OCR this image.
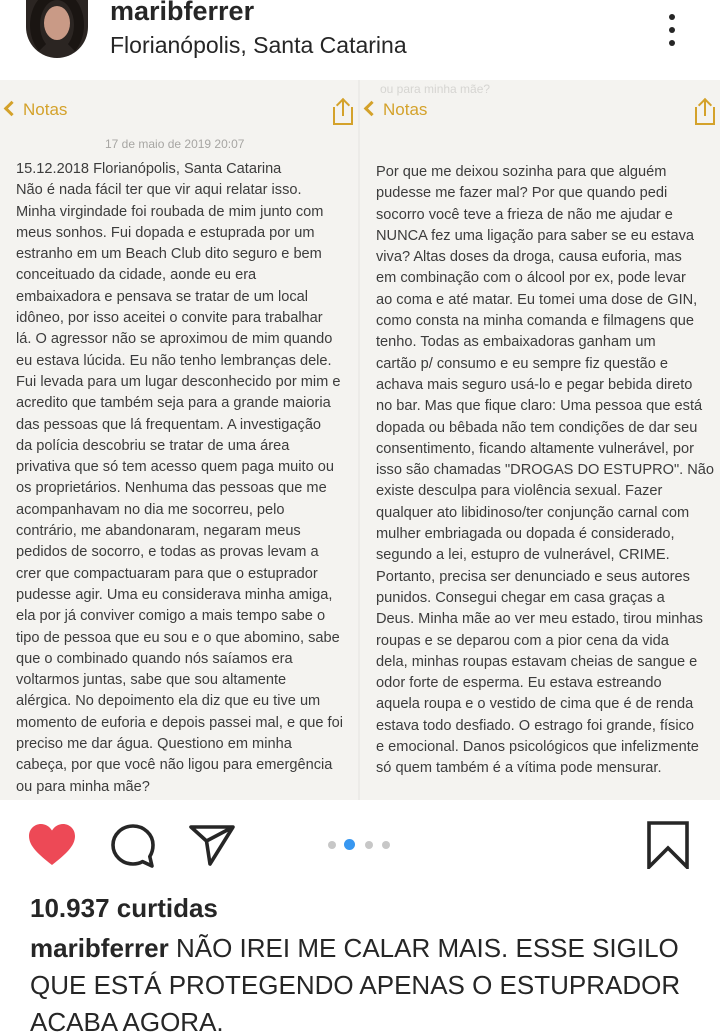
maribferrer
Florianópolis, Santa Catarina
ou para minha mãe?
Notas
17 de maio de 2019 20:07
15.12.2018 Florianópolis, Santa Catarina
Não é nada fácil ter que vir aqui relatar isso.
Minha virgindade foi roubada de mim junto com
meus sonhos. Fui dopada e estuprada por um
estranho em um Beach Club dito seguro e bem
conceituado da cidade, aonde eu era
embaixadora e pensava se tratar de um local
idôneo, por isso aceitei o convite para trabalhar
lá. O agressor não se aproximou de mim quando
eu estava lúcida. Eu não tenho lembranças dele.
Fui levada para um lugar desconhecido por mim e
acredito que também seja para a grande maioria
das pessoas que lá frequentam. A investigação
da polícia descobriu se tratar de uma área
privativa que só tem acesso quem paga muito ou
os proprietários. Nenhuma das pessoas que me
acompanhavam no dia me socorreu, pelo
contrário, me abandonaram, negaram meus
pedidos de socorro, e todas as provas levam a
crer que compactuaram para que o estuprador
pudesse agir. Uma eu considerava minha amiga,
ela por já conviver comigo a mais tempo sabe o
tipo de pessoa que eu sou e o que abomino, sabe
que o combinado quando nós saíamos era
voltarmos juntas, sabe que sou altamente
alérgica. No depoimento ela diz que eu tive um
momento de euforia e depois passei mal, e que foi
preciso me dar água. Questiono em minha
cabeça, por que você não ligou para emergência
ou para minha mãe?
Notas
Por que me deixou sozinha para que alguém
pudesse me fazer mal? Por que quando pedi
socorro você teve a frieza de não me ajudar e
NUNCA fez uma ligação para saber se eu estava
viva? Altas doses da droga, causa euforia, mas
em combinação com o álcool por ex, pode levar
ao coma e até matar. Eu tomei uma dose de GIN,
como consta na minha comanda e filmagens que
tenho. Todas as embaixadoras ganham um
cartão p/ consumo e eu sempre fiz questão e
achava mais seguro usá-lo e pegar bebida direto
no bar. Mas que fique claro: Uma pessoa que está
dopada ou bêbada não tem condições de dar seu
consentimento, ficando altamente vulnerável, por
isso são chamadas "DROGAS DO ESTUPRO". Não
existe desculpa para violência sexual. Fazer
qualquer ato libidinoso/ter conjunção carnal com
mulher embriagada ou dopada é considerado,
segundo a lei, estupro de vulnerável, CRIME.
Portanto, precisa ser denunciado e seus autores
punidos. Consegui chegar em casa graças a
Deus. Minha mãe ao ver meu estado, tirou minhas
roupas e se deparou com a pior cena da vida
dela, minhas roupas estavam cheias de sangue e
odor forte de esperma. Eu estava estreando
aquela roupa e o vestido de cima que é de renda
estava todo desfiado. O estrago foi grande, físico
e emocional. Danos psicológicos que infelizmente
só quem também é a vítima pode mensurar.
10.937 curtidas
maribferrer NÃO IREI ME CALAR MAIS. ESSE SIGILO QUE ESTÁ PROTEGENDO APENAS O ESTUPRADOR ACABA AGORA.
